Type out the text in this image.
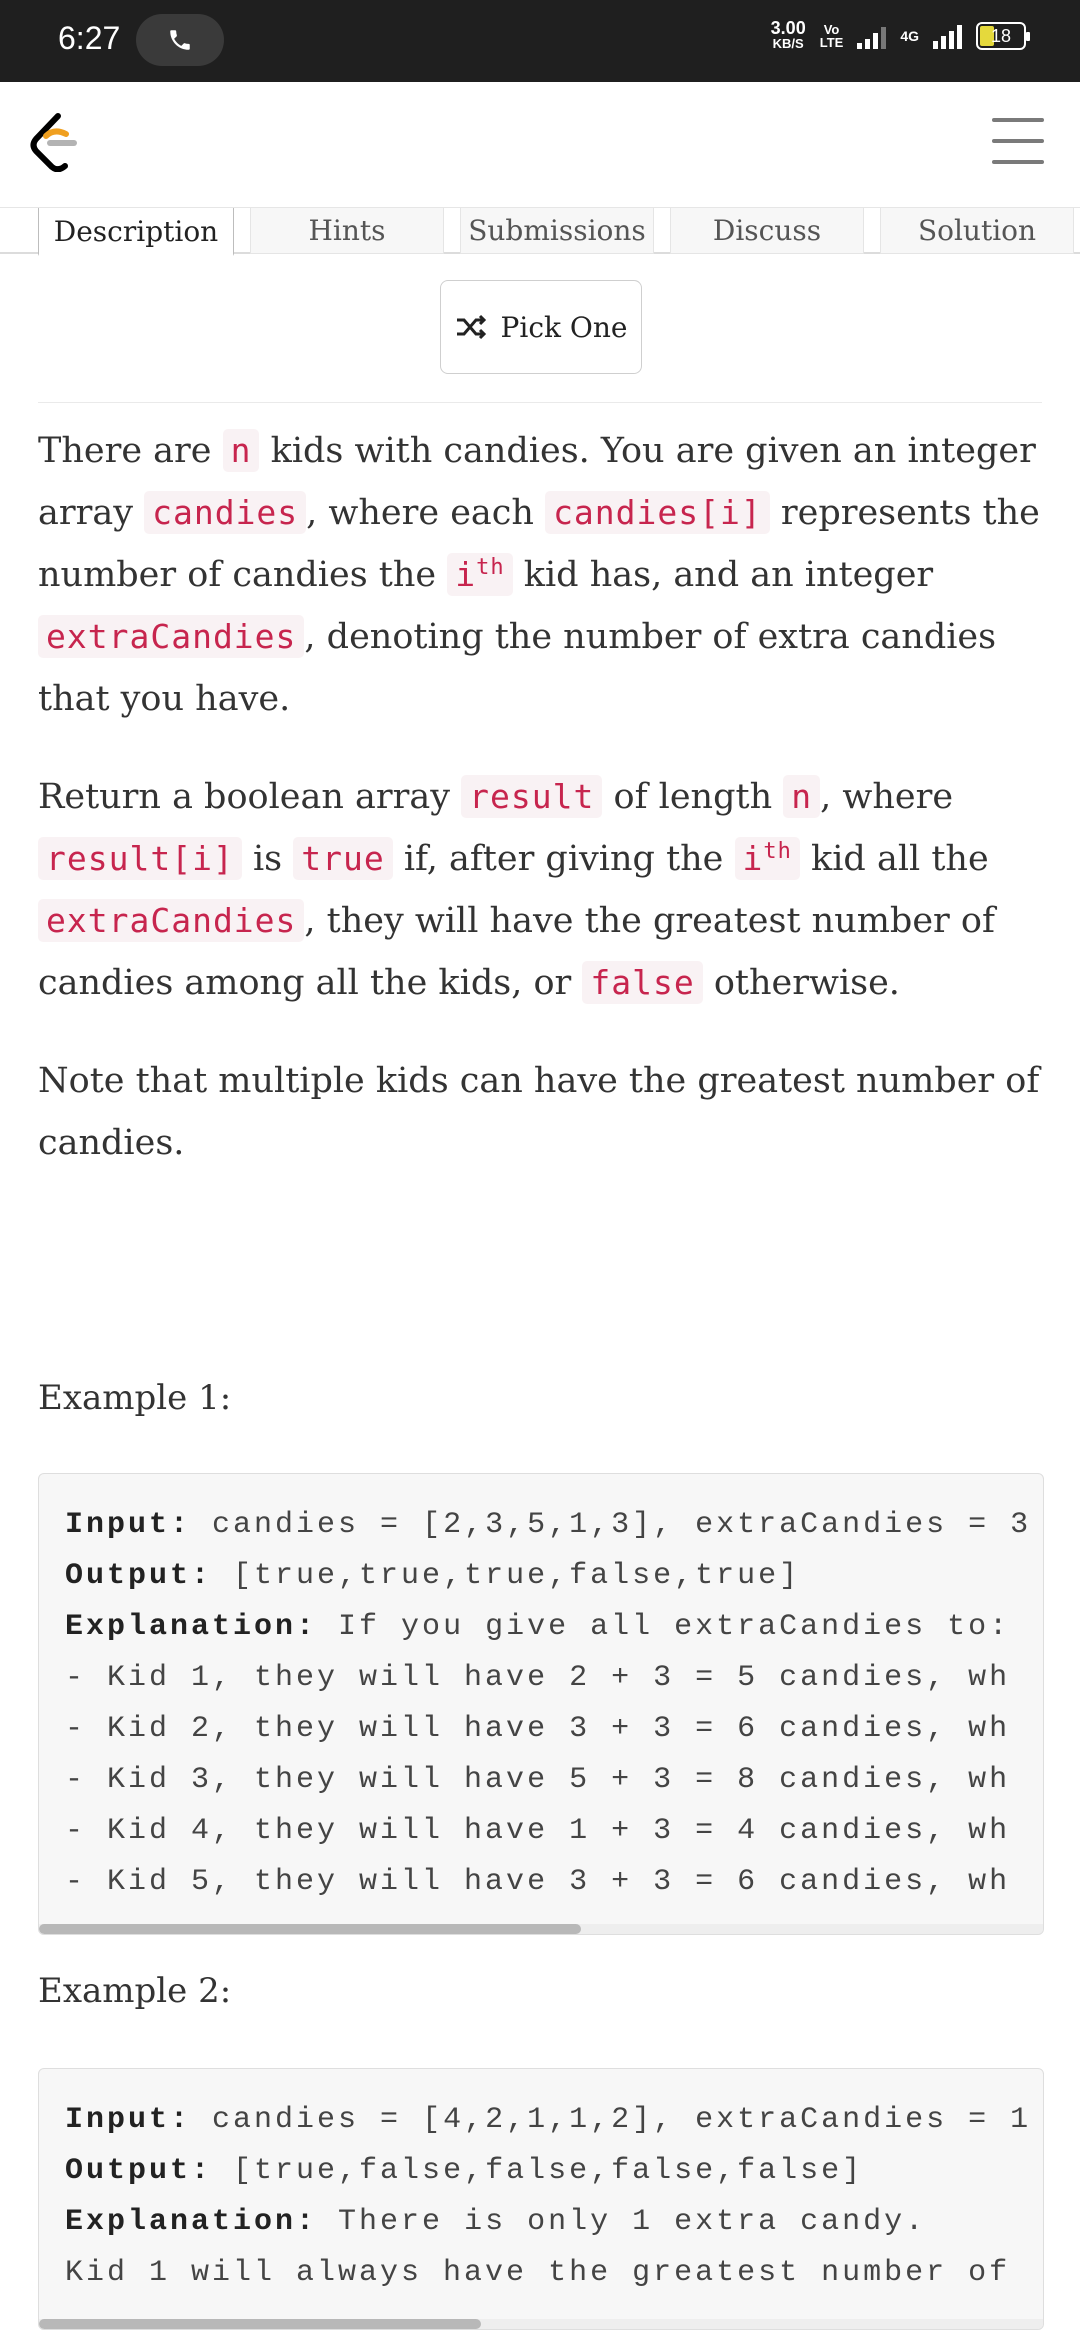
6:27	3.00
KB/S
Vo
LTE	4G	18
Description	Hints	Submissions	Discuss	Solution
Pick One

There are n kids with candies. You are given an integer array candies , where each candies[i] represents the number of candies the $i^{th}$ kid has, and an integer extraCandies , denoting the number of extra candies that you have.

Return a boolean array result of length n , where result[i] is true if, after giving the $i^{th}$ kid all the extraCandies , they will have the greatest number of candies among all the kids, or false otherwise.

Note that multiple kids can have the greatest number of candies.

Example 1:
Input: candies = [2,3,5,1,3], extraCandies = 3
Output: [true,true,true,false,true]
Explanation: If you give all extraCandies to:
- Kid 1, they will have 2 + 3 = 5 candies, wh
- Kid 2, they will have 3 + 3 = 6 candies, wh
- Kid 3, they will have 5 + 3 = 8 candies, wh
- Kid 4, they will have 1 + 3 = 4 candies, wh
- Kid 5, they will have 3 + 3 = 6 candies, wh
Example 2:
Input: candies = [4,2,1,1,2], extraCandies = 1
Output: [true,false,false,false,false]
Explanation: There is only 1 extra candy.
Kid 1 will always have the greatest number of
